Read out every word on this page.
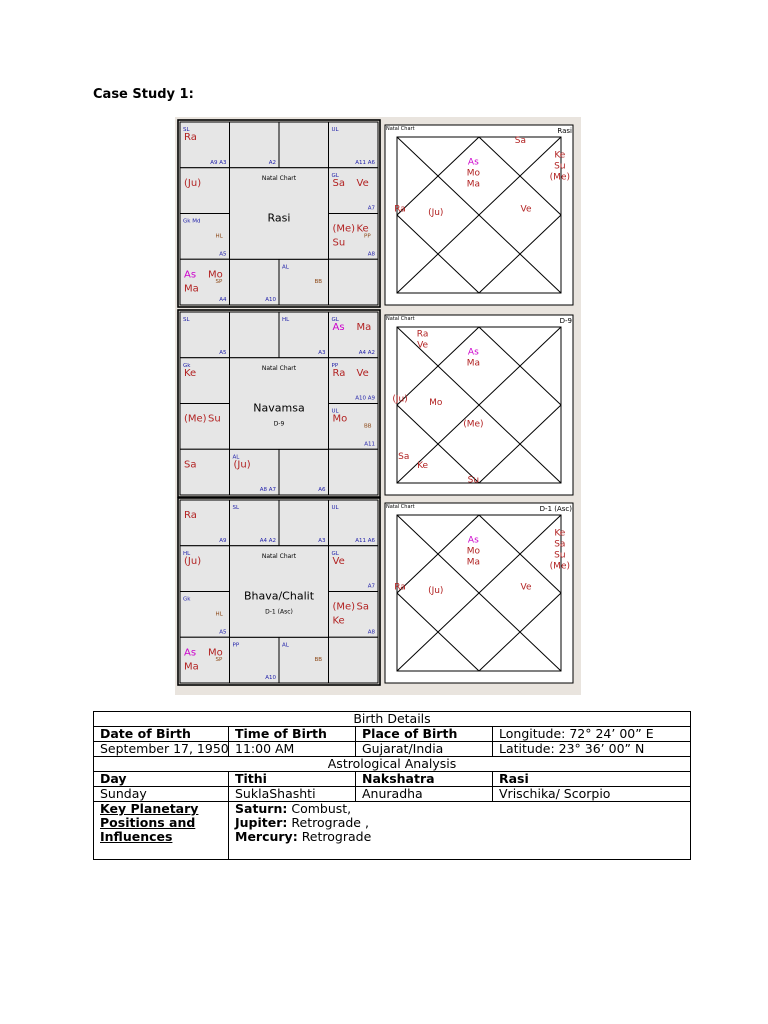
Case Study 1:
SL
A9 A3
Ra
A2
UL
A11 A6
(Ju)
GL
A7
Sa Ve
Gk Md
HL
A5
PP
A8
(Me) Ke
Su
SP
A4
As Mo
Ma
A10
AL
BB
Natal Chart
Rasi
SL
A5
HL
A3
GL
A4 A2
As Ma
Gk
Ke
PP
A10 A9
Ra Ve
(Me) Su
UL
BB
A11
Mo
Sa
AL
A8 A7
(Ju)
A6
Natal Chart
Navamsa
D-9
A9
Ra
SL
A4 A2	A3
UL
A11 A6
HL
(Ju)
GL
A7
Ve
Gk
HL
A5	A8
(Me) Sa
Ke
SP
As Mo
Ma
PP
A10
AL
BB
Natal Chart
Bhava/Chalit
D-1 (Asc)
Natal Chart	Rasi
As
Mo
Ma
Sa
Ke
Su
(Me)
Ve
Ra (Ju)
Natal Chart	D-9
As
Ma
(Me)
Su
Ke
Sa
(Ju) Mo
Ra
Ve
Natal Chart	D-1 (Asc)
As
Mo
Ma
Ke
Sa
Su
(Me)
Ve
Ra (Ju)
Birth Details			
Date of Birth	Time of Birth	Place of Birth	Longitude: 72° 24’ 00” E
September 17, 1950	11:00 AM	Gujarat/India	Latitude: 23° 36’ 00” N
Astrological Analysis			
Day	Tithi	Nakshatra	Rasi
Sunday	SuklaShashti	Anuradha	Vrischika/ Scorpio
Key Planetary Positions and Influences	Saturn: Combust,
Jupiter: Retrograde ,
Mercury: Retrograde		
